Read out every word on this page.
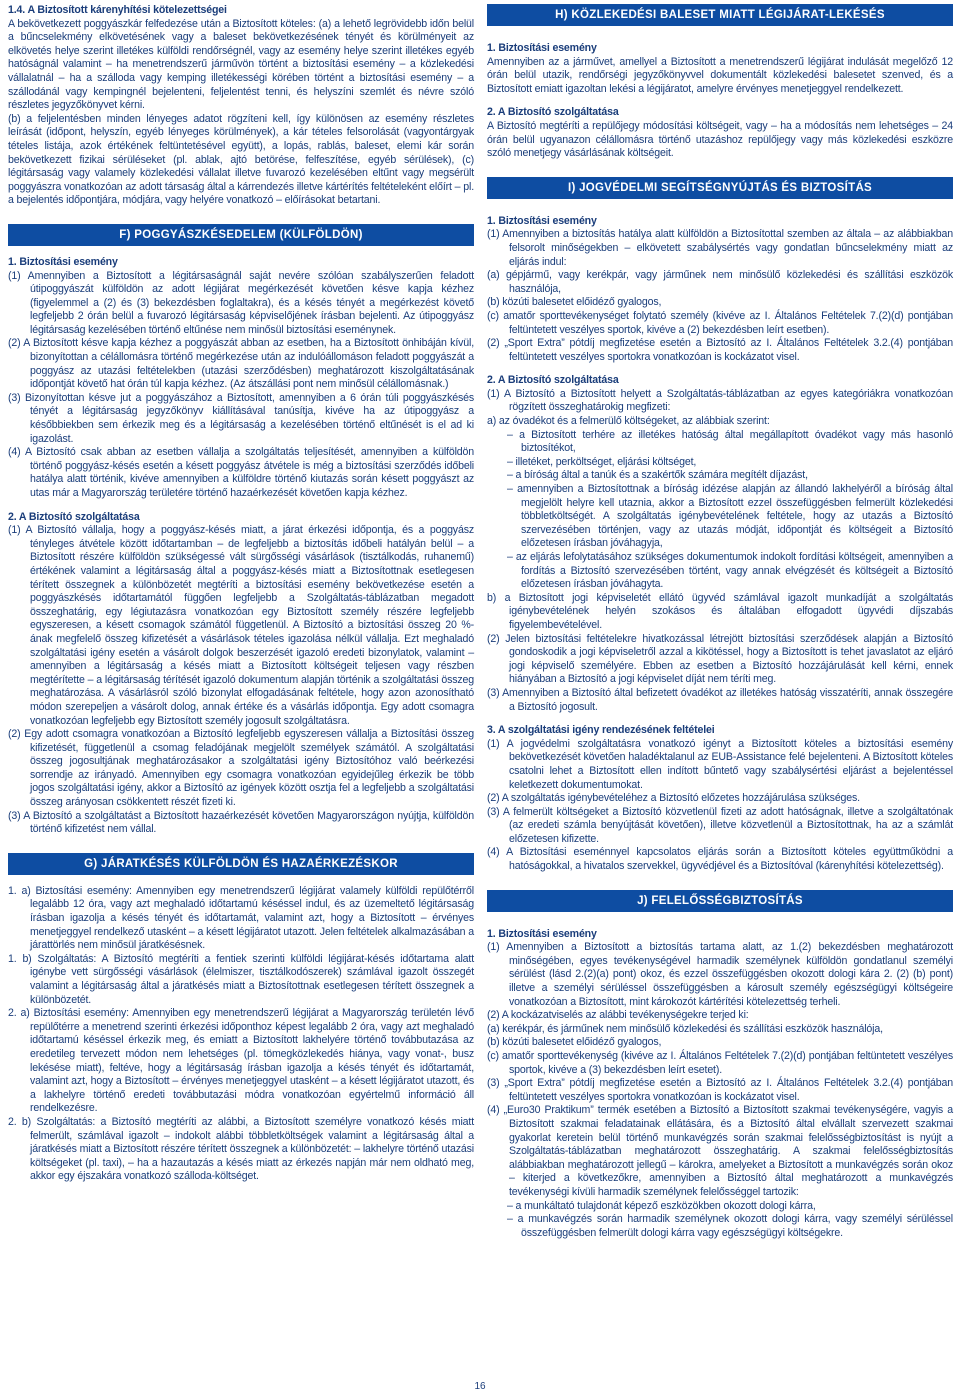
1.4. A Biztosított kárenyhítési kötelezettségei
A bekövetkezett poggyászkár felfedezése után a Biztosított köteles: (a) a lehető legrövidebb időn belül a bűncselekmény elkövetésének vagy a baleset bekövetkezésének tényét és körülményeit az elkövetés helye szerint illetékes külföldi rendőrségnél, vagy az esemény helye szerint illetékes egyéb hatóságnál valamint – ha menetrendszerű járművön történt a biztosítási esemény – a közlekedési vállalatnál – ha a szálloda vagy kemping illetékességi körében történt a biztosítási esemény – a szállodánál vagy kempingnél bejelenteni, feljelentést tenni, és helyszíni szemlét és névre szóló részletes jegyzőkönyvet kérni.
(b) a feljelentésben minden lényeges adatot rögzíteni kell, így különösen az esemény részletes leírását (időpont, helyszín, egyéb lényeges körülmények), a kár tételes felsorolását (vagyontárgyak tételes listája, azok értékének feltüntetésével együtt), a lopás, rablás, baleset, elemi kár során bekövetkezett fizikai sérüléseket (pl. ablak, ajtó betörése, felfeszítése, egyéb sérülések), (c) légitársaság vagy valamely közlekedési vállalat illetve fuvarozó kezelésében eltűnt vagy megsérült poggyászra vonatkozóan az adott társaság által a kárrendezés illetve kártérítés feltételeként előírt – pl. a bejelentés időpontjára, módjára, vagy helyére vonatkozó – előírásokat betartani.
F) POGGYÁSZKÉSEDELEM (KÜLFÖLDÖN)
1. Biztosítási esemény
(1) Amennyiben a Biztosított a légitársaságnál saját nevére szólóan szabályszerűen feladott útipoggyászát külföldön az adott légijárat megérkezését követően késve kapja kézhez (figyelemmel a (2) és (3) bekezdésben foglaltakra), és a késés tényét a megérkezést követő legfeljebb 2 órán belül a fuvarozó légitársaság képviselőjének írásban bejelenti. Az útipoggyász légitársaság kezelésében történő eltűnése nem minősül biztosítási eseménynek.
(2) A Biztosított késve kapja kézhez a poggyászát abban az esetben, ha a Biztosított önhibáján kívül, bizonyítottan a célállomásra történő megérkezése után az indulóállomáson feladott poggyászát a poggyász az utazási feltételekben (utazási szerződésben) meghatározott kiszolgáltatásának időpontját követő hat órán túl kapja kézhez. (Az átszállási pont nem minősül célállomásnak.)
(3) Bizonyítottan késve jut a poggyászához a Biztosított, amennyiben a 6 órán túli poggyászkésés tényét a légitársaság jegyzőkönyv kiállításával tanúsítja, kivéve ha az útipoggyász a későbbiekben sem érkezik meg és a légitársaság a kezelésében történő eltűnését is el ad ki igazolást.
(4) A Biztosító csak abban az esetben vállalja a szolgáltatás teljesítését, amennyiben a külföldön történő poggyász-késés esetén a késett poggyász átvétele is még a biztosítási szerződés időbeli hatálya alatt történik, kivéve amennyiben a külföldre történő kiutazás során késett poggyászt az utas már a Magyarország területére történő hazaérkezését követően kapja kézhez.
2. A Biztosító szolgáltatása
(1) A Biztosító vállalja, hogy a poggyász-késés miatt, a járat érkezési időpontja, és a poggyász tényleges átvétele között időtartamban – de legfeljebb a biztosítás időbeli hatályán belül – a Biztosított részére külföldön szükségessé vált sürgősségi vásárlások (tisztálkodás, ruhanemű) értékének valamint a légitársaság által a poggyász-késés miatt a Biztosítottnak esetlegesen térített összegnek a különbözetét megtéríti a biztosítási esemény bekövetkezése esetén a poggyászkésés időtartamától függően legfeljebb a Szolgáltatás-táblázatban megadott összeghatárig, egy légiutazásra vonatkozóan egy Biztosított személy részére legfeljebb egyszeresen, a késett csomagok számától függetlenül. A Biztosító a biztosítási összeg 20 %-ának megfelelő összeg kifizetését a vásárlások tételes igazolása nélkül vállalja. Ezt meghaladó szolgáltatási igény esetén a vásárolt dolgok beszerzését igazoló eredeti bizonylatok, valamint – amennyiben a légitársaság a késés miatt a Biztosított költségeit teljesen vagy részben megtérítette – a légitársaság térítését igazoló dokumentum alapján történik a szolgáltatási összeg meghatározása. A vásárlásról szóló bizonylat elfogadásának feltétele, hogy azon azonosítható módon szerepeljen a vásárolt dolog, annak értéke és a vásárlás időpontja. Egy adott csomagra vonatkozóan legfeljebb egy Biztosított személy jogosult szolgáltatásra.
(2) Egy adott csomagra vonatkozóan a Biztosító legfeljebb egyszeresen vállalja a Biztosítási összeg kifizetését, függetlenül a csomag feladójának megjelölt személyek számától. A szolgáltatási összeg jogosultjának meghatározásakor a szolgáltatási igény Biztosítóhoz való beérkezési sorrendje az irányadó. Amennyiben egy csomagra vonatkozóan egyidejűleg érkezik be több jogos szolgáltatási igény, akkor a Biztosító az igények között osztja fel a legfeljebb a szolgáltatási összeg arányosan csökkentett részét fizeti ki.
(3) A Biztosító a szolgáltatást a Biztosított hazaérkezését követően Magyarországon nyújtja, külföldön történő kifizetést nem vállal.
G) JÁRATKÉSÉS KÜLFÖLDÖN ÉS HAZAÉRKEZÉSKOR
1. a) Biztosítási esemény: Amennyiben egy menetrendszerű légijárat valamely külföldi repülőtérről legalább 12 óra, vagy azt meghaladó időtartamú késéssel indul, és az üzemeltető légitársaság írásban igazolja a késés tényét és időtartamát, valamint azt, hogy a Biztosított – érvényes menetjeggyel rendelkező utasként – a késett légijáratot utazott. Jelen feltételek alkalmazásában a járattörlés nem minősül járatkésésnek.
1. b) Szolgáltatás: A Biztosító megtéríti a fentiek szerinti külföldi légijárat-késés időtartama alatt igénybe vett sürgősségi vásárlások (élelmiszer, tisztálkodószerek) számlával igazolt összegét valamint a légitársaság által a járatkésés miatt a Biztosítottnak esetlegesen térített összegnek a különbözetét.
2. a) Biztosítási esemény: Amennyiben egy menetrendszerű légijárat a Magyarország területén lévő repülőtérre a menetrend szerinti érkezési időponthoz képest legalább 2 óra, vagy azt meghaladó időtartamú késéssel érkezik meg, és emiatt a Biztosított lakhelyére történő továbbutazása az eredetileg tervezett módon nem lehetséges (pl. tömegközlekedés hiánya, vagy vonat-, busz lekésése miatt), feltéve, hogy a légitársaság írásban igazolja a késés tényét és időtartamát, valamint azt, hogy a Biztosított – érvényes menetjeggyel utasként – a késett légijáratot utazott, és a lakhelyre történő eredeti továbbutazási módra vonatkozóan egyértelmű információ áll rendelkezésre.
2. b) Szolgáltatás: a Biztosító megtéríti az alábbi, a Biztosított személyre vonatkozó késés miatt felmerült, számlával igazolt – indokolt alábbi többletköltségek valamint a légitársaság által a járatkésés miatt a Biztosított részére térített összegnek a különbözetét: – lakhelyre történő utazási költségeket (pl. taxi), – ha a hazautazás a késés miatt az érkezés napján már nem oldható meg, akkor egy éjszakára vonatkozó szálloda-költséget.
H) KÖZLEKEDÉSI BALESET MIATT LÉGIJÁRAT-LEKÉSÉS
1. Biztosítási esemény
Amennyiben az a járművet, amellyel a Biztosított a menetrendszerű légijárat indulását megelőző 12 órán belül utazik, rendőrségi jegyzőkönyvvel dokumentált közlekedési balesetet szenved, és a Biztosított emiatt igazoltan lekési a légijáratot, amelyre érvényes menetjeggyel rendelkezett.
2. A Biztosító szolgáltatása
A Biztosító megtéríti a repülőjegy módosítási költségeit, vagy – ha a módosítás nem lehetséges – 24 órán belül ugyanazon célállomásra történő utazáshoz repülőjegy vagy más közlekedési eszközre szóló menetjegy vásárlásának költségeit.
I) JOGVÉDELMI SEGÍTSÉGNYÚJTÁS ÉS BIZTOSÍTÁS
1. Biztosítási esemény
(1) Amennyiben a biztosítás hatálya alatt külföldön a Biztosítottal szemben az általa – az alábbiakban felsorolt minőségekben – elkövetett szabálysértés vagy gondatlan bűncselekmény miatt az eljárás indul:
(a) gépjármű, vagy kerékpár, vagy járműnek nem minősülő közlekedési és szállítási eszközök használója,
(b) közúti balesetet előidéző gyalogos,
(c) amatőr sporttevékenységet folytató személy (kivéve az I. Általános Feltételek 7.(2)(d) pontjában feltüntetett veszélyes sportok, kivéve a (2) bekezdésben leírt esetben).
(2) „Sport Extra” pótdíj megfizetése esetén a Biztosító az I. Általános Feltételek 3.2.(4) pontjában feltüntetett veszélyes sportokra vonatkozóan is kockázatot visel.
2. A Biztosító szolgáltatása
(1) A Biztosító a Biztosított helyett a Szolgáltatás-táblázatban az egyes kategóriákra vonatkozóan rögzített összeghatárokig megfizeti:
a) az óvadékot és a felmerülő költségeket, az alábbiak szerint:
– a Biztosított terhére az illetékes hatóság által megállapított óvadékot vagy más hasonló biztosítékot,
– illetéket, perköltséget, eljárási költséget,
– a bíróság által a tanúk és a szakértők számára megítélt díjazást,
– amennyiben a Biztosítottnak a bíróság idézése alapján az állandó lakhelyéről a bíróság által megjelölt helyre kell utaznia, akkor a Biztosított ezzel összefüggésben felmerült közlekedési többletköltségét. A szolgáltatás igénybevételének feltétele, hogy az utazás a Biztosító szervezésében történjen, vagy az utazás módját, időpontját és költségeit a Biztosító előzetesen írásban jóváhagyja,
– az eljárás lefolytatásához szükséges dokumentumok indokolt fordítási költségeit, amennyiben a fordítás a Biztosító szervezésében történt, vagy annak elvégzését és költségeit a Biztosító előzetesen írásban jóváhagyta.
b) a Biztosított jogi képviseletét ellátó ügyvéd számlával igazolt munkadíját a szolgáltatás igénybevételének helyén szokásos és általában elfogadott ügyvédi díjszabás figyelembevételével.
(2) Jelen biztosítási feltételekre hivatkozással létrejött biztosítási szerződések alapján a Biztosító gondoskodik a jogi képviseletről azzal a kikötéssel, hogy a Biztosított is tehet javaslatot az eljáró jogi képviselő személyére. Ebben az esetben a Biztosító hozzájárulását kell kérni, ennek hiányában a Biztosító a jogi képviselet díját nem téríti meg.
(3) Amennyiben a Biztosító által befizetett óvadékot az illetékes hatóság visszatéríti, annak összegére a Biztosító jogosult.
3. A szolgáltatási igény rendezésének feltételei
(1) A jogvédelmi szolgáltatásra vonatkozó igényt a Biztosított köteles a biztosítási esemény bekövetkezését követően haladéktalanul az EUB-Assistance felé bejelenteni. A Biztosított köteles csatolni lehet a Biztosított ellen indított bűntető vagy szabálysértési eljárást a bejelentéssel keletkezett dokumentumokat.
(2) A szolgáltatás igénybevételéhez a Biztosító előzetes hozzájárulása szükséges.
(3) A felmerült költségeket a Biztosító közvetlenül fizeti az adott hatóságnak, illetve a szolgáltatónak (az eredeti számla benyújtását követően), illetve közvetlenül a Biztosítottnak, ha az a számlát előzetesen kifizette.
(4) A Biztosítási eseménnyel kapcsolatos eljárás során a Biztosított köteles együttműködni a hatóságokkal, a hivatalos szervekkel, ügyvédjével és a Biztosítóval (kárenyhítési kötelezettség).
J) FELELŐSSÉGBIZTOSÍTÁS
1. Biztosítási esemény
(1) Amennyiben a Biztosított a biztosítás tartama alatt, az 1.(2) bekezdésben meghatározott minőségében, egyes tevékenységével harmadik személynek külföldön gondatlanul személyi sérülést (lásd 2.(2)(a) pont) okoz, és ezzel összefüggésben okozott dologi kára 2. (2) (b) pont) illetve a személyi sérüléssel összefüggésben a károsult személy egészségügyi költségeire vonatkozóan a Biztosított, mint károkozót kártérítési kötelezettség terheli.
(2) A kockázatviselés az alábbi tevékenységekre terjed ki:
(a) kerékpár, és járműnek nem minősülő közlekedési és szállítási eszközök használója,
(b) közúti balesetet előidéző gyalogos,
(c) amatőr sporttevékenység (kivéve az I. Általános Feltételek 7.(2)(d) pontjában feltüntetett veszélyes sportok, kivéve a (3) bekezdésben leírt esetet).
(3) „Sport Extra” pótdíj megfizetése esetén a Biztosító az I. Általános Feltételek 3.2.(4) pontjában feltüntetett veszélyes sportokra vonatkozóan is kockázatot visel.
(4) „Euro30 Praktikum” termék esetében a Biztosító a Biztosított szakmai tevékenységére, vagyis a Biztosított szakmai feladatainak ellátására, és a Biztosító által elvállalt szervezett szakmai gyakorlat keretein belül történő munkavégzés során szakmai felelősségbiztosítást is nyújt a Szolgáltatás-táblázatban meghatározott összeghatárig. A szakmai felelősségbiztosítás alábbiakban meghatározott jellegű – károkra, amelyeket a Biztosított a munkavégzés során okoz – kiterjed a következőkre, amennyiben a Biztosító által meghatározott a munkavégzés tevékenységi kívüli harmadik személynek felelősséggel tartozik:
– a munkáltató tulajdonát képező eszközökben okozott dologi kárra,
– a munkavégzés során harmadik személynek okozott dologi kárra, vagy személyi sérüléssel összefüggésben felmerült dologi kárra vagy egészségügyi költségekre.
16
